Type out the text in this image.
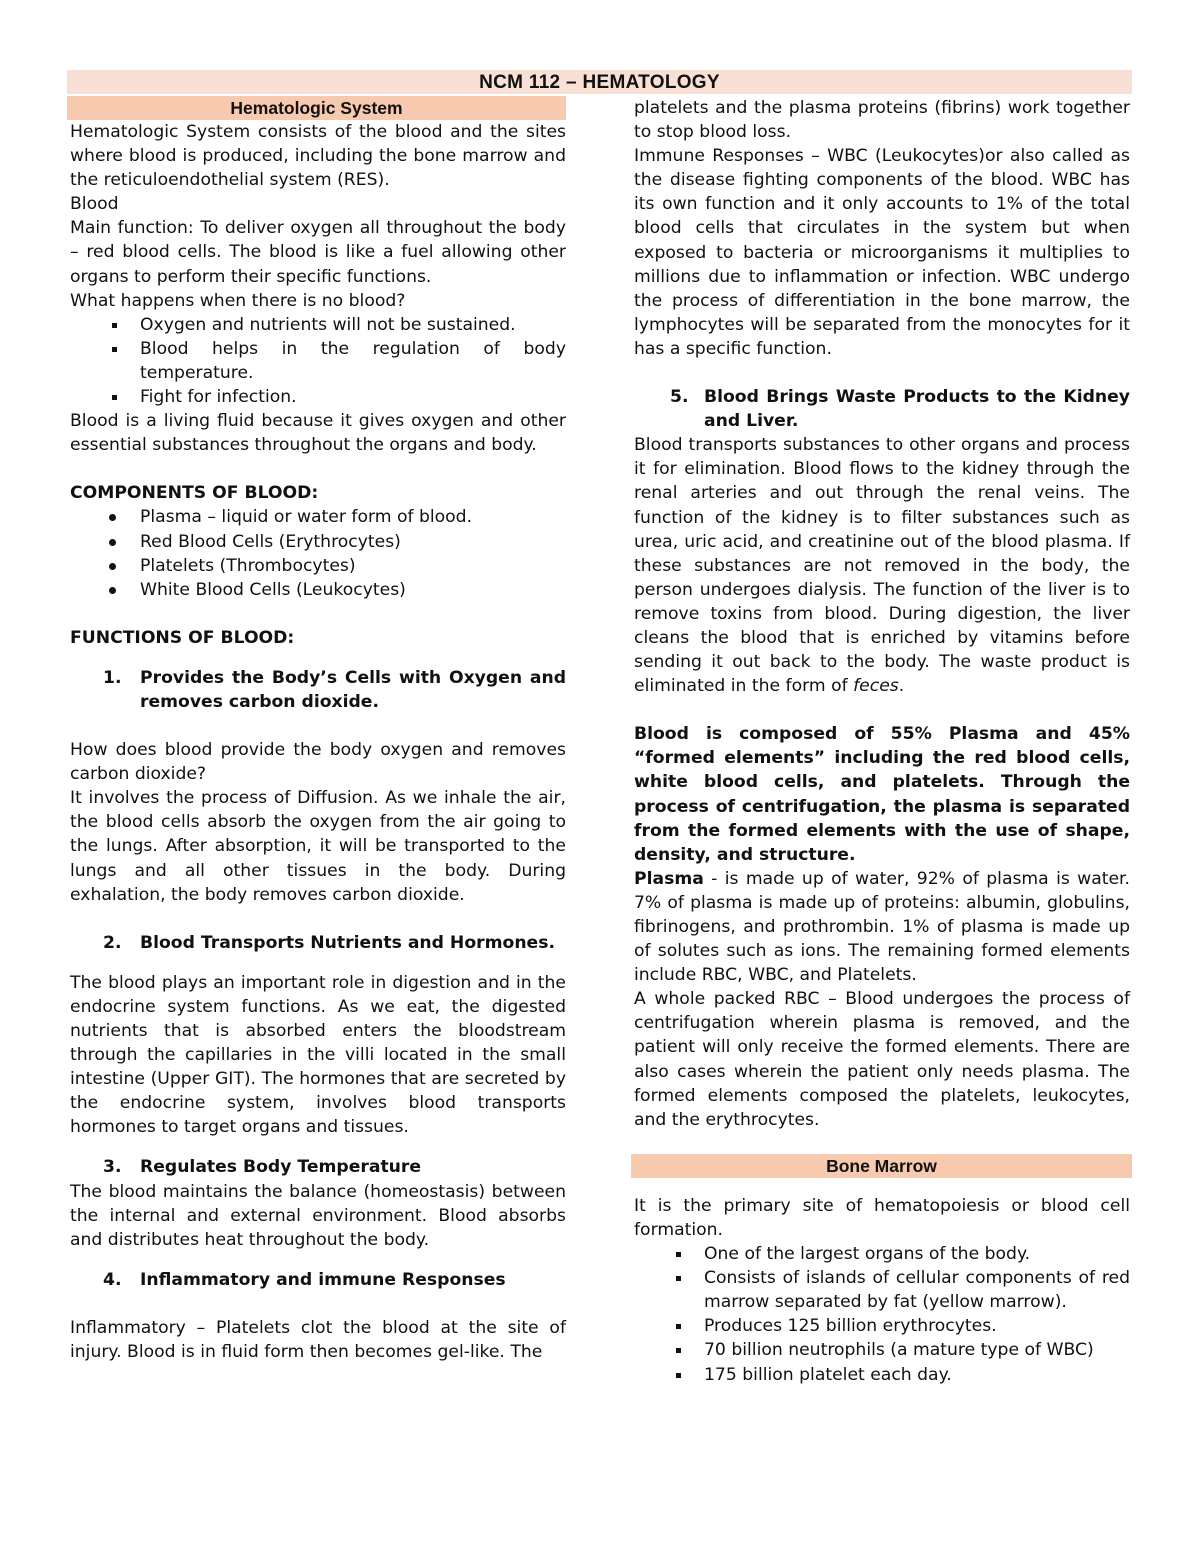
NCM 112 – HEMATOLOGY
Hematologic System

Hematologic System consists of the blood and the sites where blood is produced, including the bone marrow and the reticuloendothelial system (RES).

Blood

Main function: To deliver oxygen all throughout the body – red blood cells. The blood is like a fuel allowing other organs to perform their specific functions.

What happens when there is no blood?

Oxygen and nutrients will not be sustained.
Blood helps in the regulation of body temperature.
Fight for infection.

Blood is a living fluid because it gives oxygen and other essential substances throughout the organs and body.

COMPONENTS OF BLOOD:

Plasma – liquid or water form of blood.
Red Blood Cells (Erythrocytes)
Platelets (Thrombocytes)
White Blood Cells (Leukocytes)

FUNCTIONS OF BLOOD:

1. Provides the Body’s Cells with Oxygen and removes carbon dioxide.

How does blood provide the body oxygen and removes carbon dioxide?

It involves the process of Diffusion. As we inhale the air, the blood cells absorb the oxygen from the air going to the lungs. After absorption, it will be transported to the lungs and all other tissues in the body. During exhalation, the body removes carbon dioxide.

2. Blood Transports Nutrients and Hormones.

The blood plays an important role in digestion and in the endocrine system functions. As we eat, the digested nutrients that is absorbed enters the bloodstream through the capillaries in the villi located in the small intestine (Upper GIT). The hormones that are secreted by the endocrine system, involves blood transports hormones to target organs and tissues.

3. Regulates Body Temperature

The blood maintains the balance (homeostasis) between the internal and external environment. Blood absorbs and distributes heat throughout the body.

4. Inflammatory and immune Responses

Inflammatory – Platelets clot the blood at the site of injury. Blood is in fluid form then becomes gel-like. The

platelets and the plasma proteins (fibrins) work together to stop blood loss.

Immune Responses – WBC (Leukocytes)or also called as the disease fighting components of the blood. WBC has its own function and it only accounts to 1% of the total blood cells that circulates in the system but when exposed to bacteria or microorganisms it multiplies to millions due to inflammation or infection. WBC undergo the process of differentiation in the bone marrow, the lymphocytes will be separated from the monocytes for it has a specific function.

5. Blood Brings Waste Products to the Kidney and Liver.

Blood transports substances to other organs and process it for elimination. Blood flows to the kidney through the renal arteries and out through the renal veins. The function of the kidney is to filter substances such as urea, uric acid, and creatinine out of the blood plasma. If these substances are not removed in the body, the person undergoes dialysis. The function of the liver is to remove toxins from blood. During digestion, the liver cleans the blood that is enriched by vitamins before sending it out back to the body. The waste product is eliminated in the form of feces.

Blood is composed of 55% Plasma and 45% “formed elements” including the red blood cells, white blood cells, and platelets. Through the process of centrifugation, the plasma is separated from the formed elements with the use of shape, density, and structure.

Plasma - is made up of water, 92% of plasma is water. 7% of plasma is made up of proteins: albumin, globulins, fibrinogens, and prothrombin. 1% of plasma is made up of solutes such as ions. The remaining formed elements include RBC, WBC, and Platelets.

A whole packed RBC – Blood undergoes the process of centrifugation wherein plasma is removed, and the patient will only receive the formed elements. There are also cases wherein the patient only needs plasma. The formed elements composed the platelets, leukocytes, and the erythrocytes.

Bone Marrow

It is the primary site of hematopoiesis or blood cell formation.

One of the largest organs of the body.
Consists of islands of cellular components of red marrow separated by fat (yellow marrow).
Produces 125 billion erythrocytes.
70 billion neutrophils (a mature type of WBC)
175 billion platelet each day.
